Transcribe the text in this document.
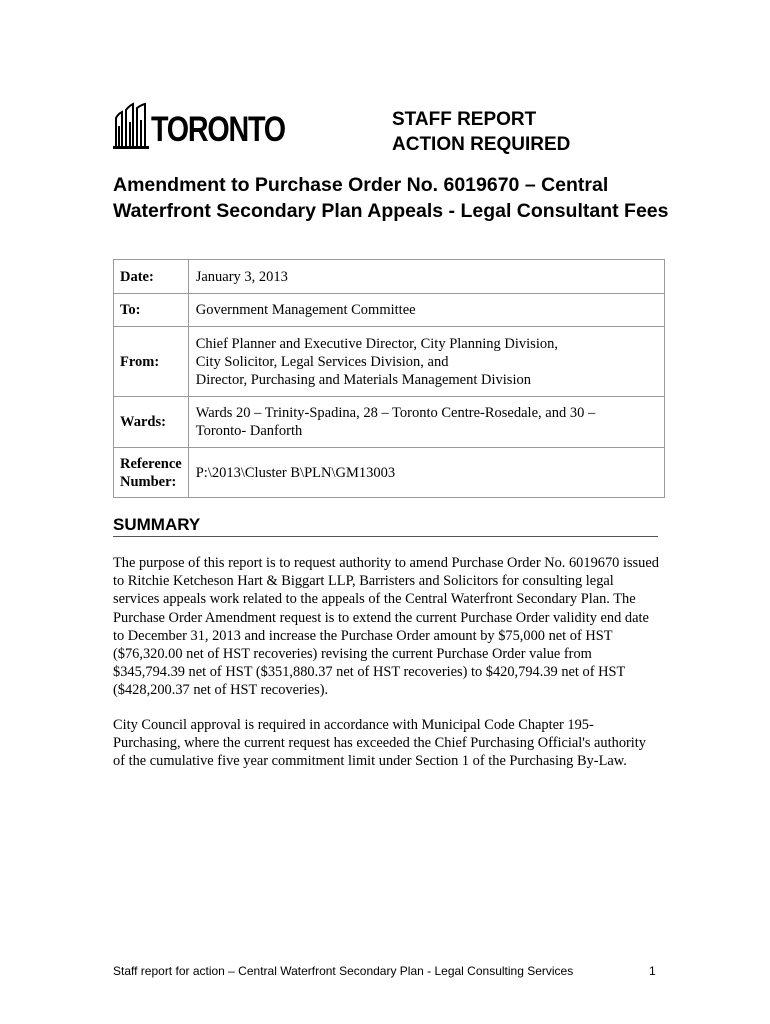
TORONTO	STAFF REPORT
ACTION REQUIRED
Amendment to Purchase Order No. 6019670 – Central Waterfront Secondary Plan Appeals - Legal Consultant Fees
Date:	January 3, 2013
To:	Government Management Committee
From:	Chief Planner and Executive Director, City Planning Division,
City Solicitor, Legal Services Division, and
Director, Purchasing and Materials Management Division

Wards:	Wards 20 – Trinity-Spadina, 28 – Toronto Centre-Rosedale, and 30 –
Toronto- Danforth

Reference
Number:	P:\2013\Cluster B\PLN\GM13003
SUMMARY

The purpose of this report is to request authority to amend Purchase Order No. 6019670 issued to Ritchie Ketcheson Hart & Biggart LLP, Barristers and Solicitors for consulting legal services appeals work related to the appeals of the Central Waterfront Secondary Plan. The Purchase Order Amendment request is to extend the current Purchase Order validity end date to December 31, 2013 and increase the Purchase Order amount by $75,000 net of HST ($76,320.00 net of HST recoveries) revising the current Purchase Order value from $345,794.39 net of HST ($351,880.37 net of HST recoveries) to $420,794.39 net of HST ($428,200.37 net of HST recoveries).

City Council approval is required in accordance with Municipal Code Chapter 195-Purchasing, where the current request has exceeded the Chief Purchasing Official's authority of the cumulative five year commitment limit under Section 1 of the Purchasing By-Law.

Staff report for action – Central Waterfront Secondary Plan - Legal Consulting Services	1
